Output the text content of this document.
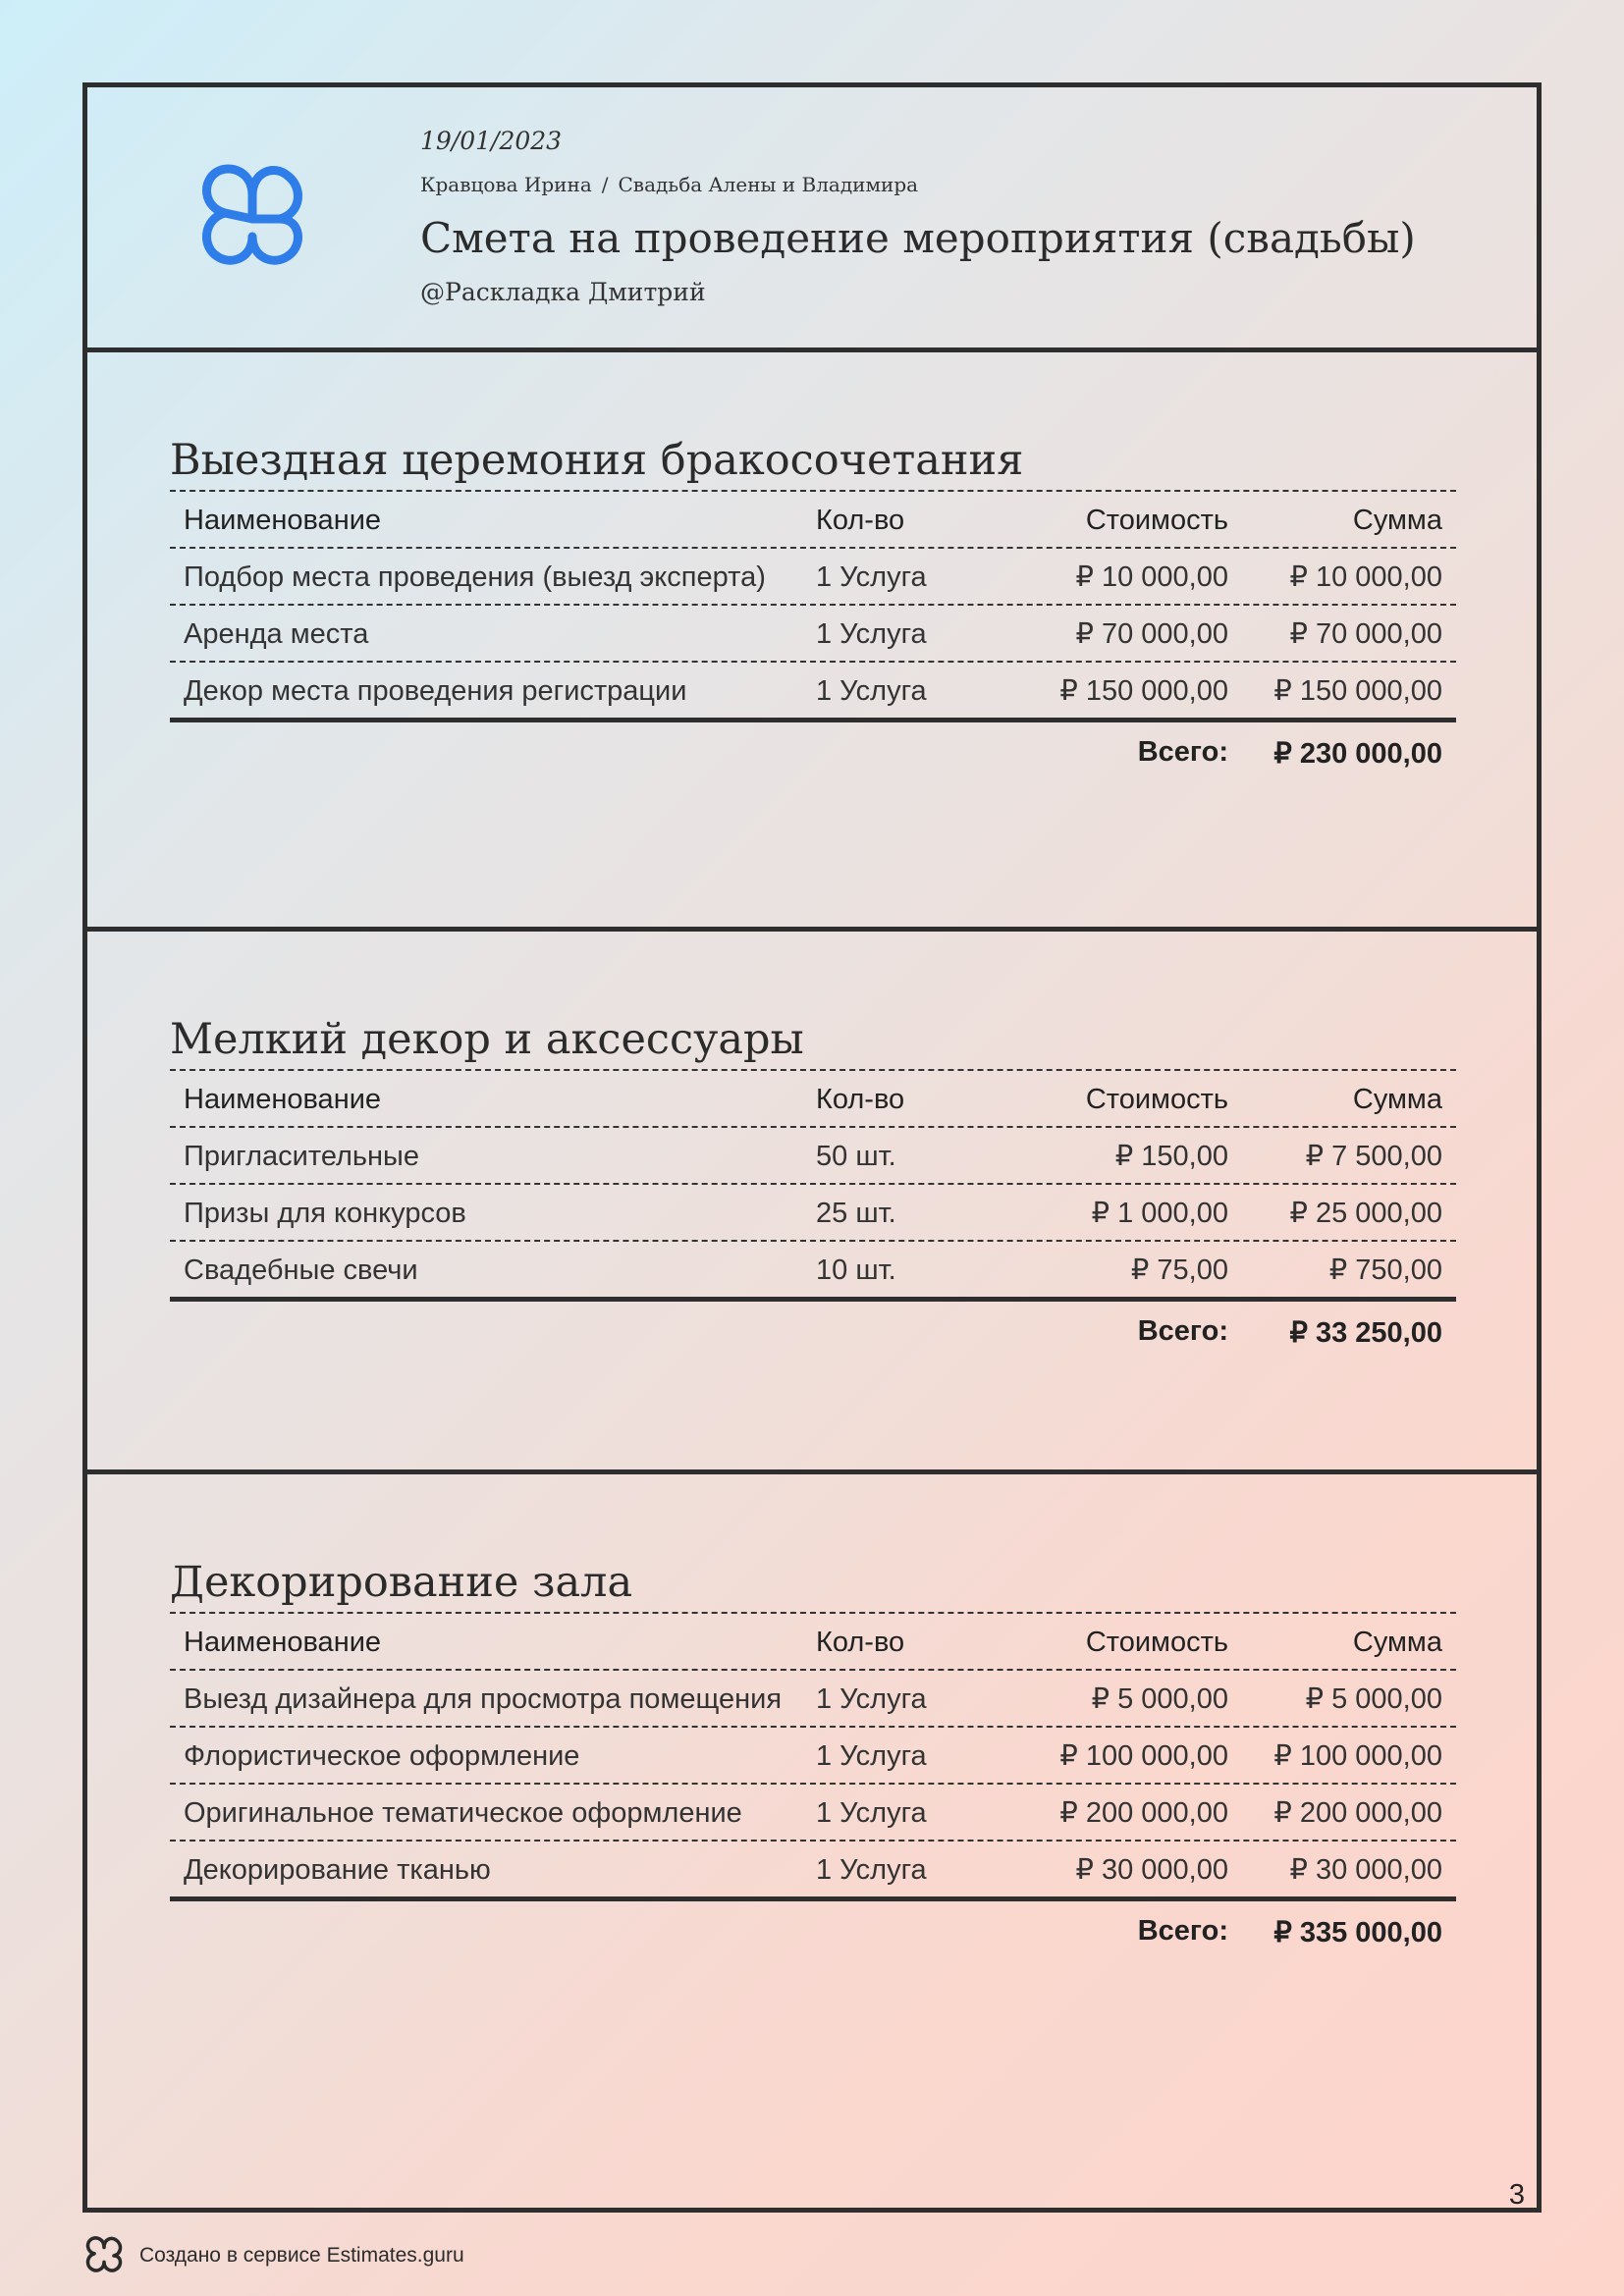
19/01/2023
Кравцова Ирина / Свадьба Алены и Владимира
Смета на проведение мероприятия (свадьбы)
@Раскладка Дмитрий
Выездная церемония бракосочетания
Наименование	Кол-во	Стоимость	Сумма
Подбор места проведения (выезд эксперта)	1 Услуга	₽ 10 000,00	₽ 10 000,00
Аренда места	1 Услуга	₽ 70 000,00	₽ 70 000,00
Декор места проведения регистрации	1 Услуга	₽ 150 000,00	₽ 150 000,00
Всего:	₽ 230 000,00
Мелкий декор и аксессуары
Наименование	Кол-во	Стоимость	Сумма
Пригласительные	50 шт.	₽ 150,00	₽ 7 500,00
Призы для конкурсов	25 шт.	₽ 1 000,00	₽ 25 000,00
Свадебные свечи	10 шт.	₽ 75,00	₽ 750,00
Всего:	₽ 33 250,00
Декорирование зала
Наименование	Кол-во	Стоимость	Сумма
Выезд дизайнера для просмотра помещения	1 Услуга	₽ 5 000,00	₽ 5 000,00
Флористическое оформление	1 Услуга	₽ 100 000,00	₽ 100 000,00
Оригинальное тематическое оформление	1 Услуга	₽ 200 000,00	₽ 200 000,00
Декорирование тканью	1 Услуга	₽ 30 000,00	₽ 30 000,00
Всего:	₽ 335 000,00
3
Создано в сервисе Estimates.guru
